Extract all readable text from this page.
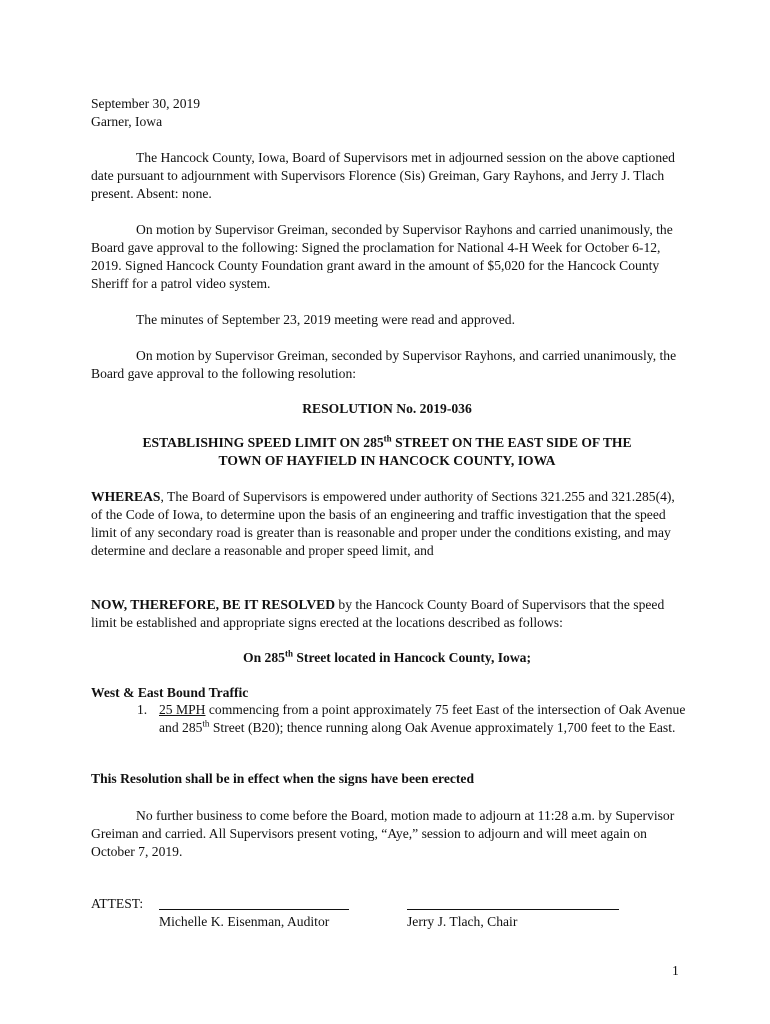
September 30, 2019
Garner, Iowa

The Hancock County, Iowa, Board of Supervisors met in adjourned session on the above captioned date pursuant to adjournment with Supervisors Florence (Sis) Greiman, Gary Rayhons, and Jerry J. Tlach present. Absent: none.

On motion by Supervisor Greiman, seconded by Supervisor Rayhons and carried unanimously, the Board gave approval to the following: Signed the proclamation for National 4-H Week for October 6-12, 2019. Signed Hancock County Foundation grant award in the amount of $5,020 for the Hancock County Sheriff for a patrol video system.

The minutes of September 23, 2019 meeting were read and approved.

On motion by Supervisor Greiman, seconded by Supervisor Rayhons, and carried unanimously, the Board gave approval to the following resolution:

RESOLUTION No. 2019-036
ESTABLISHING SPEED LIMIT ON 285th STREET ON THE EAST SIDE OF THE
TOWN OF HAYFIELD IN HANCOCK COUNTY, IOWA

WHEREAS, The Board of Supervisors is empowered under authority of Sections 321.255 and 321.285(4), of the Code of Iowa, to determine upon the basis of an engineering and traffic investigation that the speed limit of any secondary road is greater than is reasonable and proper under the conditions existing, and may determine and declare a reasonable and proper speed limit, and

NOW, THEREFORE, BE IT RESOLVED by the Hancock County Board of Supervisors that the speed limit be established and appropriate signs erected at the locations described as follows:

On 285th Street located in Hancock County, Iowa;
West & East Bound Traffic
1. 25 MPH commencing from a point approximately 75 feet East of the intersection of Oak Avenue and 285th Street (B20); thence running along Oak Avenue approximately 1,700 feet to the East.
This Resolution shall be in effect when the signs have been erected

No further business to come before the Board, motion made to adjourn at 11:28 a.m. by Supervisor Greiman and carried. All Supervisors present voting, “Aye,” session to adjourn and will meet again on October 7, 2019.

ATTEST:
Michelle K. Eisenman, Auditor	Jerry J. Tlach, Chair
1
